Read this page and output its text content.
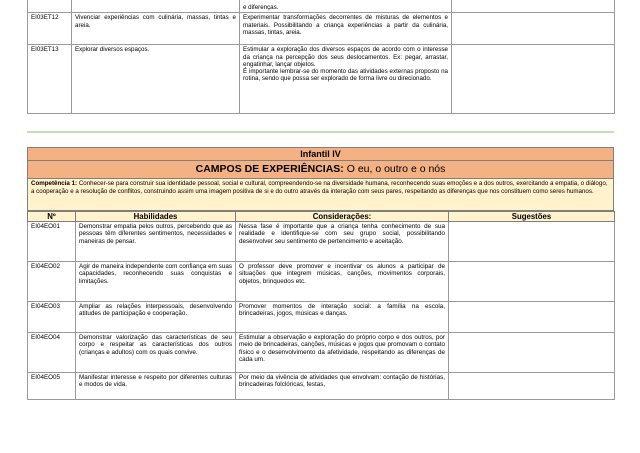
		e diferenças.	
EI03ET12	Vivenciar experiências com culinária, massas, tintas e areia.	Experimentar transformações decorrentes de misturas de elementos e materiais. Possibilitando a criança experiências a partir da culinária, massas, tintas, areia.	
EI03ET13	Explorar diversos espaços.	Estimular a exploração dos diversos espaços de acordo com o interesse da criança na percepção dos seus deslocamentos. Ex: pegar, arrastar, engatinhar, lançar objetos.
É importante lembrar-se do momento das atividades externas proposto na rotina, sendo que possa ser explorado de forma livre ou direcionado.	
Infantil IV
CAMPOS DE EXPERIÊNCIAS: O eu, o outro e o nós
Competência 1: Conhecer-se para construir sua identidade pessoal, social e cultural, compreendendo-se na diversidade humana, reconhecendo suas emoções e a dos outros, exercitando a empatia, o diálogo, a cooperação e a resolução de conflitos, construindo assim uma imagem positiva de si e do outro através da interação com seus pares, respeitando as diferenças que nos constituem como seres humanos.
Nº	Habilidades	Considerações:	Sugestões
EI04EO01	Demonstrar empatia pelos outros, percebendo que as pessoas têm diferentes sentimentos, necessidades e maneiras de pensar.	Nessa fase é importante que a criança tenha conhecimento de sua realidade e identifique-se com seu grupo social, possibilitando desenvolver seu sentimento de pertencimento e aceitação.	
EI04EO02	Agir de maneira independente com confiança em suas capacidades, reconhecendo suas conquistas e limitações.	O professor deve promover e incentivar os alunos a participar de situações que integrem músicas, canções, movimentos corporais, objetos, brinquedos etc.	
EI04EO03	Ampliar as relações interpessoais, desenvolvendo atitudes de participação e cooperação.	Promover momentos de interação social: a família na escola, brincadeiras, jogos, músicas e danças.	
EI04EO04	Demonstrar valorização das características de seu corpo e respeitar as características dos outros (crianças e adultos) com os quais convive.	Estimular a observação e exploração do próprio corpo e dos outros, por meio de brincadeiras, canções, músicas e jogos que promovam o contato físico e o desenvolvimento da afetividade, respeitando as diferenças de cada um.	
EI04EO05	Manifestar interesse e respeito por diferentes culturas e modos de vida.	Por meio da vivência de atividades que envolvam: contação de histórias, brincadeiras folclóricas, festas,	
